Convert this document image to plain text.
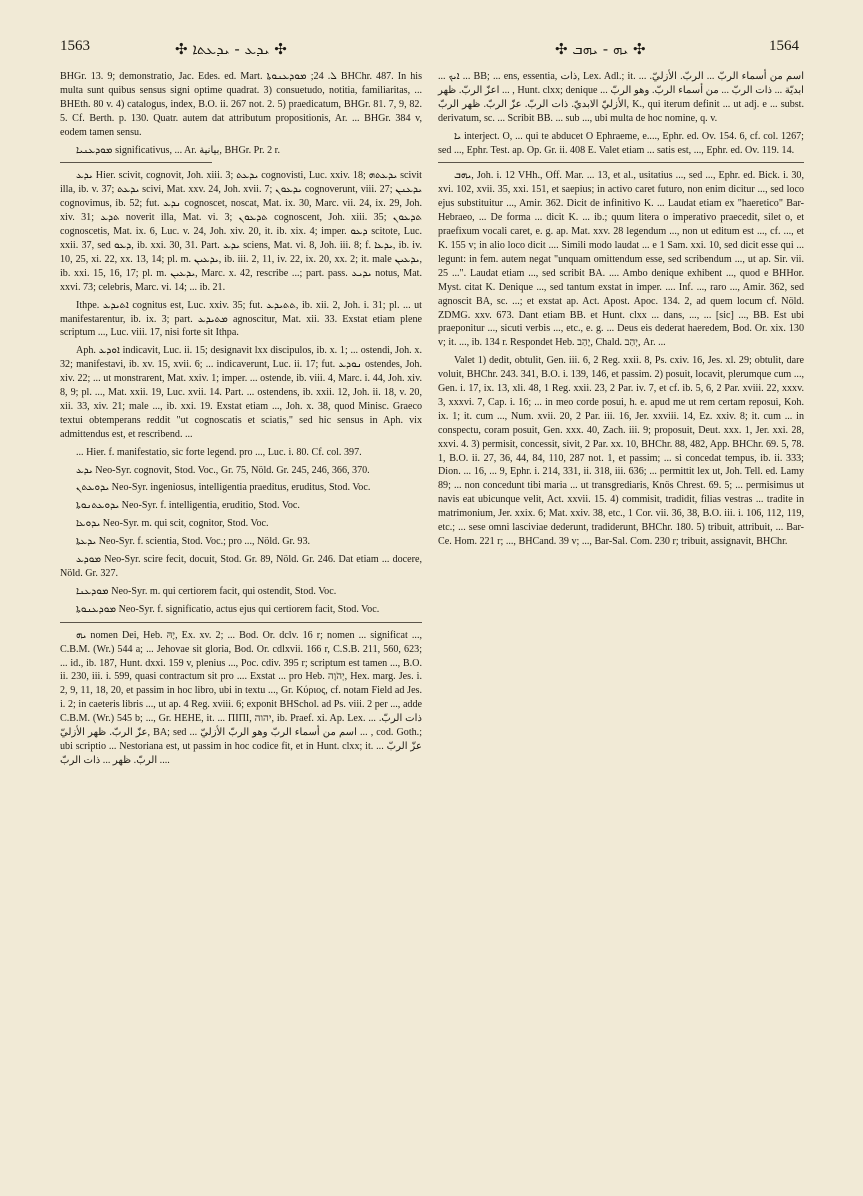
1563	✣ ܝܕܥ - ܝܕܥܬܐ ✣	✣ ܝܗ - ܝܗܒ ✣	1564

BHGr. 13. 9; demonstratio, Jac. Edes. ed. Mart. ܠ. 24; ܡܘܕܥܢܘܬܐ BHChr. 487. In his multa sunt quibus sensus signi optime quadrat. 3) consuetudo, notitia, familiaritas, ... BHEth. 80 v. 4) catalogus, index, B.O. ii. 267 not. 2. 5) praedicatum, BHGr. 81. 7, 9, 82. 5. Cf. Berth. p. 130. Quatr. autem dat attributum propositionis, Ar. ... BHGr. 384 v, eodem tamen sensu.

ܡܘܕܥܢܝܐ significativus, ... Ar. بيانية, BHGr. Pr. 2 r.

ܝܕܥ Hier. scivit, cognovit, Joh. xiii. 3; ܝܕܥܬ cognovisti, Luc. xxiv. 18; ܝܕܥܬܗ scivit illa, ib. v. 37; ܝܕܥܬ scivi, Mat. xxv. 24, Joh. xvii. 7; ܝܕܥܘܢ cognoverunt, viii. 27; ܝܕܥܢܢ cognovimus, ib. 52; fut. ܢܕܥ cognoscet, noscat, Mat. ix. 30, Marc. vii. 24, ix. 29, Joh. xiv. 31; ܬܕܥ noverit illa, Mat. vi. 3; ܬܕܥܘܢ cognoscent, Joh. xiii. 35; ܬܕܥܘܢ cognoscetis, Mat. ix. 6, Luc. v. 24, Joh. xiv. 20, it. ib. xix. 4; imper. ܕܥܘ scitote, Luc. xxii. 37, sed ܕܥܘ, ib. xxi. 30, 31. Part. ܝܕܥ sciens, Mat. vi. 8, Joh. iii. 8; f. ܝܕܥܐ, ib. iv. 10, 25, xi. 22, xx. 13, 14; pl. m. ܝܕܥܝܢ, ib. iii. 2, 11, iv. 22, ix. 20, xx. 2; it. male ܝܕܥܝܢ, ib. xxi. 15, 16, 17; pl. m. ܝܕܥܝܢ, Marc. x. 42, rescribe ...; part. pass. ܝܕܝܥ notus, Mat. xxvi. 73; celebris, Marc. vi. 14; ... ib. 21.

Ithpe. ܐܬܝܕܥ cognitus est, Luc. xxiv. 35; fut. ܬܬܝܕܥ, ib. xii. 2, Joh. i. 31; pl. ... ut manifestarentur, ib. ix. 3; part. ܡܬܝܕܥ agnoscitur, Mat. xii. 33. Exstat etiam plene scriptum ..., Luc. viii. 17, nisi forte sit Ithpa.

Aph. ܐܘܕܥ indicavit, Luc. ii. 15; designavit lxx discipulos, ib. x. 1; ... ostendi, Joh. x. 32; manifestavi, ib. xv. 15, xvii. 6; ... indicaverunt, Luc. ii. 17; fut. ܢܘܕܥ ostendes, Joh. xiv. 22; ... ut monstrarent, Mat. xxiv. 1; imper. ... ostende, ib. viii. 4, Marc. i. 44, Joh. xiv. 8, 9; pl. ..., Mat. xxii. 19, Luc. xvii. 14. Part. ... ostendens, ib. xxii. 12, Joh. ii. 18, v. 20, xii. 33, xiv. 21; male ..., ib. xxi. 19. Exstat etiam ..., Joh. x. 38, quod Minisc. Graeco textui obtemperans reddit "ut cognoscatis et sciatis," sed hic sensus in Aph. vix admittendus est, et rescribend. ...

... Hier. f. manifestatio, sic forte legend. pro ..., Luc. i. 80. Cf. col. 397.

ܝܕܥ Neo-Syr. cognovit, Stod. Voc., Gr. 75, Nöld. Gr. 245, 246, 366, 370.

ܝܕܘܥܬܢ Neo-Syr. ingeniosus, intelligentia praeditus, eruditus, Stod. Voc.

ܝܕܘܥܬܢܘܬܐ Neo-Syr. f. intelligentia, eruditio, Stod. Voc.

ܝܕܘܥܐ Neo-Syr. m. qui scit, cognitor, Stod. Voc.

ܝܕܥܬܐ Neo-Syr. f. scientia, Stod. Voc.; pro ..., Nöld. Gr. 93.

ܡܘܕܥ Neo-Syr. scire fecit, docuit, Stod. Gr. 89, Nöld. Gr. 246. Dat etiam ... docere, Nöld. Gr. 327.

ܡܘܕܥܢܐ Neo-Syr. m. qui certiorem facit, qui ostendit, Stod. Voc.

ܡܘܕܥܢܘܬܐ Neo-Syr. f. significatio, actus ejus qui certiorem facit, Stod. Voc.

ܝܗ nomen Dei, Heb. יָהּ, Ex. xv. 2; ... Bod. Or. dclv. 16 r; nomen ... significat ..., C.B.M. (Wr.) 544 a; ... Jehovae sit gloria, Bod. Or. cdlxvii. 166 r, C.S.B. 211, 560, 623; ... id., ib. 187, Hunt. dxxi. 159 v, plenius ..., Poc. cdiv. 395 r; scriptum est tamen ..., B.O. ii. 230, iii. i. 599, quasi contractum sit pro .... Exstat ... pro Heb. יְהֹוָה, Hex. marg. Jes. i. 2, 9, 11, 18, 20, et passim in hoc libro, ubi in textu ..., Gr. Κύριος, cf. notam Field ad Jes. i. 2; in caeteris libris ..., ut ap. 4 Reg. xviii. 6; exponit BHSchol. ad Ps. viii. 2 per ..., adde C.B.M. (Wr.) 545 b; ..., Gr. ΗΕΗΕ, it. ... ΠΙΠΙ, יהוה, ib. Praef. xi. Ap. Lex. ... ذات الربّ. عزّ الربّ. ظهر الأزليّ, BA; sed ... اسم من أسماء الربّ وهو الربّ الأزليّ ... , cod. Goth.; ubi scriptio ... Nestoriana est, ut passim in hoc codice fit, et in Hunt. clxx; it. ... عزّ الربّ ... الربّ. ظهر ... ذات الربّ.

... ܐܝܟ ... BB; ... ens, essentia, ذات, Lex. Adl.; it. ... اسم من أسماء الربّ ... الربّ. الأزليّ. اعزّ الربّ. ظهر ... , Hunt. clxx; denique ... ابديّة ... ذات الربّ ... من أسماء الربّ. وهو الربّ الأزليّ الابديّ. ذات الربّ. عزّ الربّ. ظهر الربّ, K., qui iterum definit ... ut adj. e ... subst. derivatum, sc. ... Scribit BB. ... sub ..., ubi multa de hoc nomine, q. v.

ܝܐ interject. O, ... qui te abducet O Ephraeme, e...., Ephr. ed. Ov. 154. 6, cf. col. 1267; sed ..., Ephr. Test. ap. Op. Gr. ii. 408 E. Valet etiam ... satis est, ..., Ephr. ed. Ov. 119. 14.

ܝܗܒ, Joh. i. 12 VHh., Off. Mar. ... 13, et al., usitatius ..., sed ..., Ephr. ed. Bick. i. 30, xvi. 102, xvii. 35, xxi. 151, et saepius; in activo caret futuro, non enim dicitur ..., sed loco ejus substituitur ..., Amir. 362. Dicit de infinitivo K. ... Laudat etiam ex "haeretico" Bar-Hebraeo, ... De forma ... dicit K. ... ib.; quum litera o imperativo praecedit, silet o, et praefixum vocali caret, e. g. ap. Mat. xxv. 28 legendum ..., non ut editum est ..., cf. ..., et K. 155 v; in alio loco dicit .... Simili modo laudat ... e 1 Sam. xxi. 10, sed dicit esse qui ... legunt: in fem. autem negat "unquam omittendum esse, sed scribendum ..., ut ap. Sir. vii. 25 ...". Laudat etiam ..., sed scribit BA. .... Ambo denique exhibent ..., quod e BHHor. Myst. citat K. Denique ..., sed tantum exstat in imper. .... Inf. ..., raro ..., Amir. 362, sed agnoscit BA, sc. ...; et exstat ap. Act. Apost. Apoc. 134. 2, ad quem locum cf. Nöld. ZDMG. xxv. 673. Dant etiam BB. et Hunt. clxx ... dans, ..., ... [sic] ..., BB. Est ubi praeponitur ..., sicuti verbis ..., etc., e. g. ... Deus eis dederat haeredem, Bod. Or. xix. 130 v; it. ..., ib. 134 r. Respondet Heb. יָהַב, Chald. יְהַב, Ar. ...

Valet 1) dedit, obtulit, Gen. iii. 6, 2 Reg. xxii. 8, Ps. cxiv. 16, Jes. xl. 29; obtulit, dare voluit, BHChr. 243. 341, B.O. i. 139, 146, et passim. 2) posuit, locavit, plerumque cum ..., Gen. i. 17, ix. 13, xli. 48, 1 Reg. xxii. 23, 2 Par. iv. 7, et cf. ib. 5, 6, 2 Par. xviii. 22, xxxv. 3, xxxvi. 7, Cap. i. 16; ... in meo corde posui, h. e. apud me ut rem certam reposui, Koh. ix. 1; it. cum ..., Num. xvii. 20, 2 Par. iii. 16, Jer. xxviii. 14, Ez. xxiv. 8; it. cum ... in conspectu, coram posuit, Gen. xxx. 40, Zach. iii. 9; proposuit, Deut. xxx. 1, Jer. xxi. 28, xxvi. 4. 3) permisit, concessit, sivit, 2 Par. xx. 10, BHChr. 88, 482, App. BHChr. 69. 5, 78. 1, B.O. ii. 27, 36, 44, 84, 110, 287 not. 1, et passim; ... si concedat tempus, ib. ii. 333; Dion. ... 16, ... 9, Ephr. i. 214, 331, ii. 318, iii. 636; ... permittit lex ut, Joh. Tell. ed. Lamy 89; ... non concedunt tibi maria ... ut transgrediaris, Knös Chrest. 69. 5; ... permisimus ut navis eat ubicunque velit, Act. xxvii. 15. 4) commisit, tradidit, filias vestras ... tradite in matrimonium, Jer. xxix. 6; Mat. xxiv. 38, etc., 1 Cor. vii. 36, 38, B.O. iii. i. 106, 112, 119, etc.; ... sese omni lasciviae dederunt, tradiderunt, BHChr. 180. 5) tribuit, attribuit, ... Bar-Ce. Hom. 221 r; ..., BHCand. 39 v; ..., Bar-Sal. Com. 230 r; tribuit, assignavit, BHChr.
